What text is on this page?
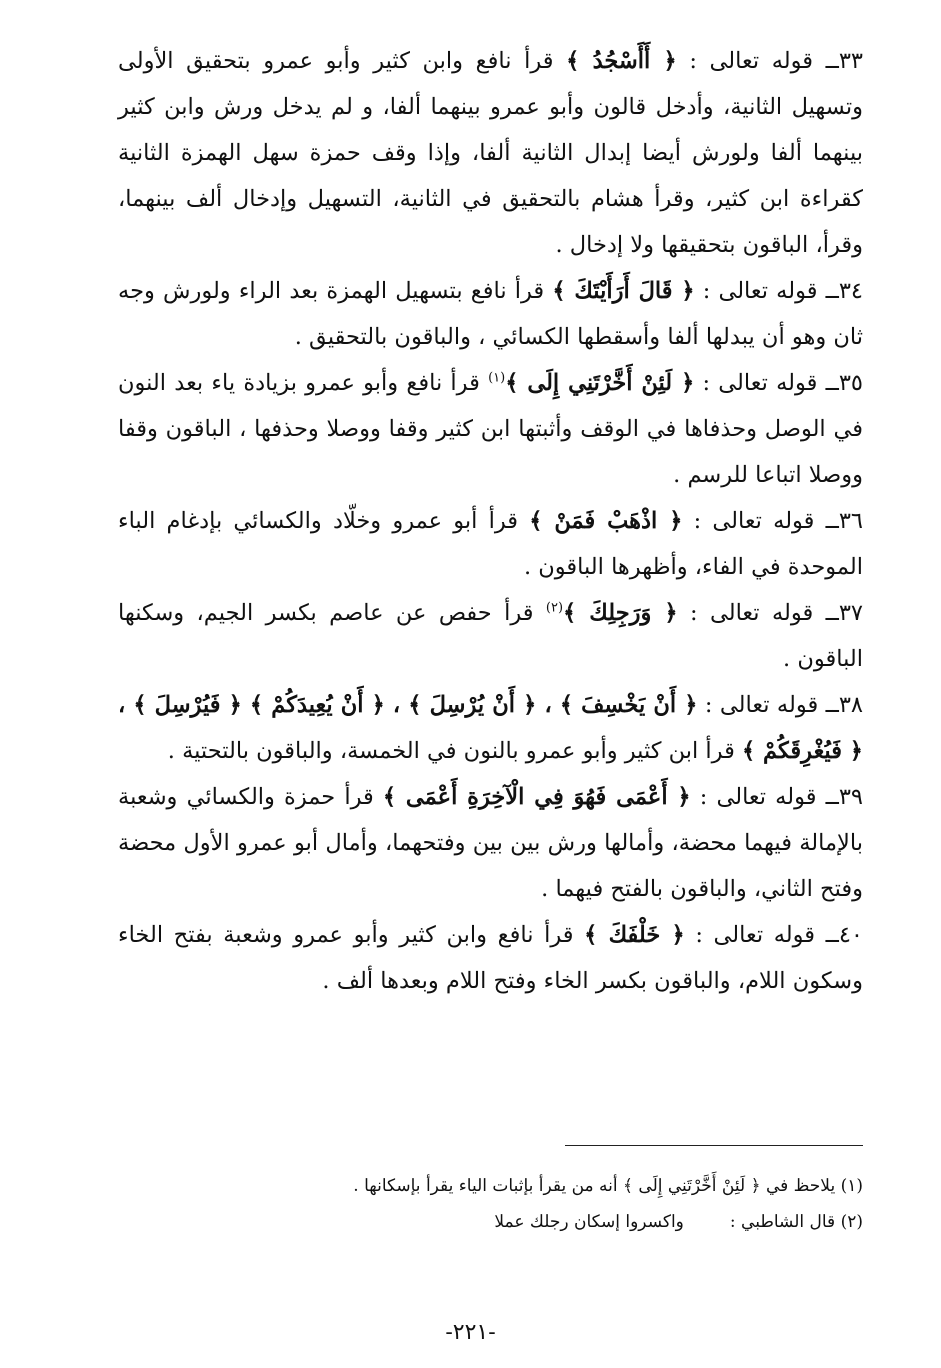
٣٣ــ قوله تعالى : ﴿ أَأَسْجُدُ ﴾ قرأ نافع وابن كثير وأبو عمرو بتحقيق الأولى وتسهيل الثانية، وأدخل قالون وأبو عمرو بينهما ألفا، و لم يدخل ورش وابن كثير بينهما ألفا ولورش أيضا إبدال الثانية ألفا، وإذا وقف حمزة سهل الهمزة الثانية كقراءة ابن كثير، وقرأ هشام بالتحقيق في الثانية، التسهيل وإدخال ألف بينهما، وقرأ، الباقون بتحقيقها ولا إدخال .

٣٤ــ قوله تعالى : ﴿ قَالَ أَرَأَيْتَكَ ﴾ قرأ نافع بتسهيل الهمزة بعد الراء ولورش وجه ثان وهو أن يبدلها ألفا وأسقطها الكسائي ، والباقون بالتحقيق .

٣٥ــ قوله تعالى : ﴿ لَئِنْ أَخَّرْتَنِي إِلَى ﴾$^{(١)}$ قرأ نافع وأبو عمرو بزيادة ياء بعد النون في الوصل وحذفاها في الوقف وأثبتها ابن كثير وقفا ووصلا وحذفها ، الباقون وقفا ووصلا اتباعا للرسم .

٣٦ــ قوله تعالى : ﴿ اذْهَبْ فَمَنْ ﴾ قرأ أبو عمرو وخلّاد والكسائي بإدغام الباء الموحدة في الفاء، وأظهرها الباقون .

٣٧ــ قوله تعالى : ﴿ وَرَجِلِكَ ﴾$^{(٢)}$ قرأ حفص عن عاصم بكسر الجيم، وسكنها الباقون .

٣٨ــ قوله تعالى : ﴿ أَنْ يَخْسِفَ ﴾ ، ﴿ أَنْ يُرْسِلَ ﴾ ، ﴿ أَنْ يُعِيدَكُمْ ﴾ ﴿ فَيُرْسِلَ ﴾ ، ﴿ فَيُغْرِقَكُمْ ﴾ قرأ ابن كثير وأبو عمرو بالنون في الخمسة، والباقون بالتحتية .

٣٩ــ قوله تعالى : ﴿ أَعْمَى فَهُوَ فِي الْآخِرَةِ أَعْمَى ﴾ قرأ حمزة والكسائي وشعبة بالإمالة فيهما محضة، وأمالها ورش بين بين وفتحهما، وأمال أبو عمرو الأول محضة وفتح الثاني، والباقون بالفتح فيهما .

٤٠ــ قوله تعالى : ﴿ خَلْفَكَ ﴾ قرأ نافع وابن كثير وأبو عمرو وشعبة بفتح الخاء وسكون اللام، والباقون بكسر الخاء وفتح اللام وبعدها ألف .

(١) يلاحظ في ﴿ لَئِنْ أَخَّرْتَنِي إِلَى ﴾ أنه من يقرأ بإثبات الياء يقرأ بإسكانها .

(٢) قال الشاطبي :واكسروا إسكان رجلك عملا

-٢٢١-
